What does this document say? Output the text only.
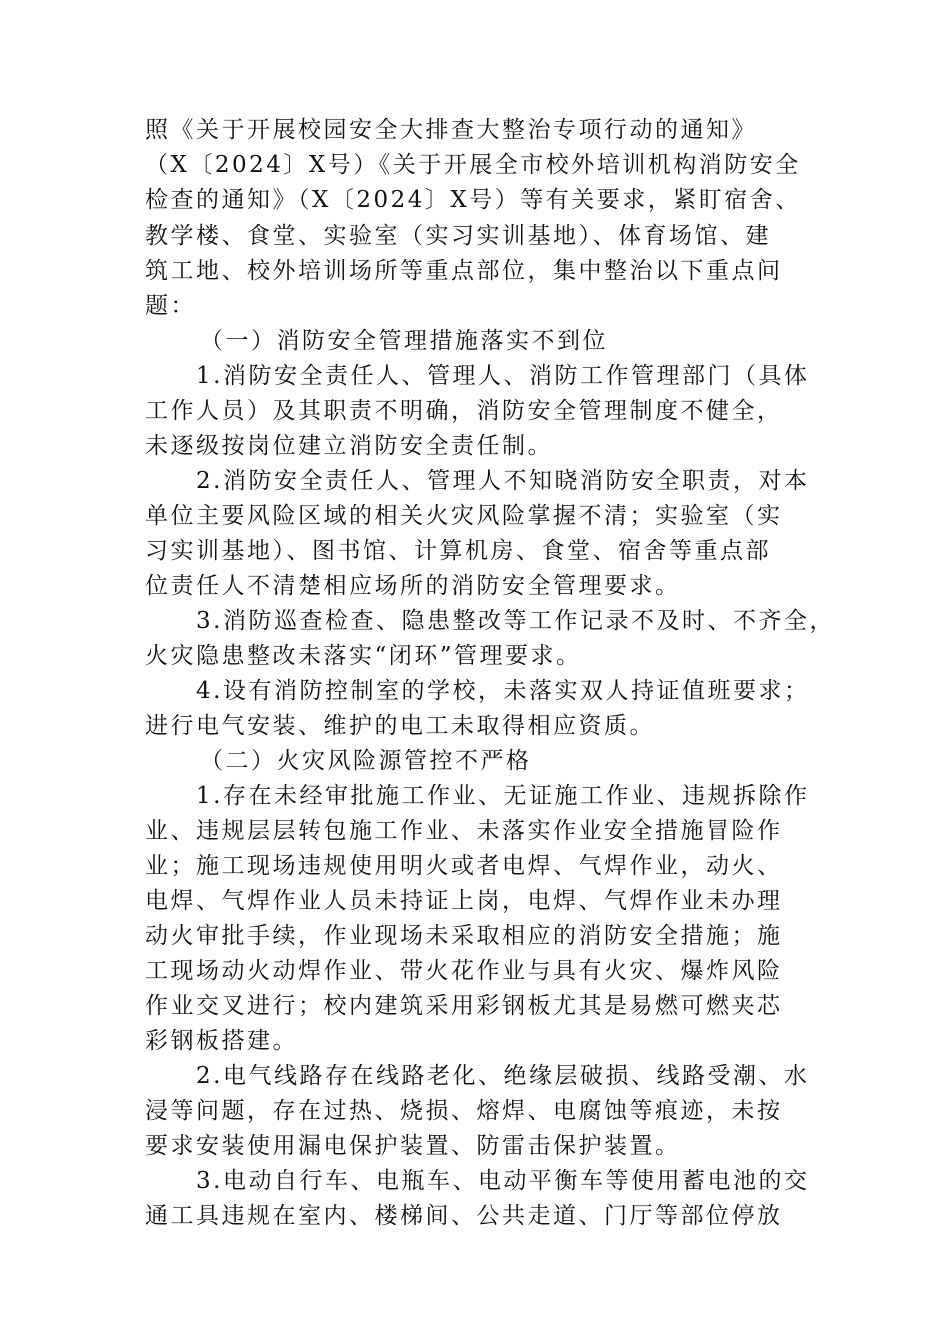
照《关于开展校园安全大排查大整治专项行动的通知》
（X〔2024〕X号）《关于开展全市校外培训机构消防安全
检查的通知》（X〔2024〕X号）等有关要求，紧盯宿舍、
教学楼、食堂、实验室（实习实训基地）、体育场馆、建
筑工地、校外培训场所等重点部位，集中整治以下重点问
题：
（一）消防安全管理措施落实不到位
1.消防安全责任人、管理人、消防工作管理部门（具体
工作人员）及其职责不明确，消防安全管理制度不健全，
未逐级按岗位建立消防安全责任制。
2.消防安全责任人、管理人不知晓消防安全职责，对本
单位主要风险区域的相关火灾风险掌握不清；实验室（实
习实训基地）、图书馆、计算机房、食堂、宿舍等重点部
位责任人不清楚相应场所的消防安全管理要求。
3.消防巡查检查、隐患整改等工作记录不及时、不齐全，
火灾隐患整改未落实“闭环”管理要求。
4.设有消防控制室的学校，未落实双人持证值班要求；
进行电气安装、维护的电工未取得相应资质。
（二）火灾风险源管控不严格
1.存在未经审批施工作业、无证施工作业、违规拆除作
业、违规层层转包施工作业、未落实作业安全措施冒险作
业；施工现场违规使用明火或者电焊、气焊作业，动火、
电焊、气焊作业人员未持证上岗，电焊、气焊作业未办理
动火审批手续，作业现场未采取相应的消防安全措施；施
工现场动火动焊作业、带火花作业与具有火灾、爆炸风险
作业交叉进行；校内建筑采用彩钢板尤其是易燃可燃夹芯
彩钢板搭建。
2.电气线路存在线路老化、绝缘层破损、线路受潮、水
浸等问题，存在过热、烧损、熔焊、电腐蚀等痕迹，未按
要求安装使用漏电保护装置、防雷击保护装置。
3.电动自行车、电瓶车、电动平衡车等使用蓄电池的交
通工具违规在室内、楼梯间、公共走道、门厅等部位停放
